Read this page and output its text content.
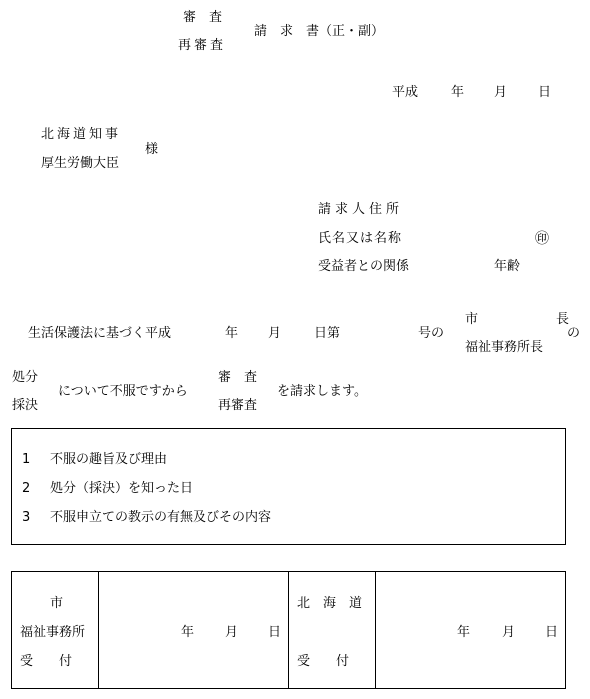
審　査
再審査
請　求　書（正・副）
平成	年 月 日
北海道知事
厚生労働大臣
様
請求人住所
氏名又は名称	㊞
受益者との関係	年齢
生活保護法に基づく平成	年 月	日第	号の
市　　　　　　長
福祉事務所長
の
処分
採決
について不服ですから
審　査
再審査
を請求します。
1 不服の趣旨及び理由
2 処分（採決）を知った日
3 不服申立ての教示の有無及びその内容
市
福祉事務所
受　　付
年 月 日
北　海　道
受　　付
年 月 日
